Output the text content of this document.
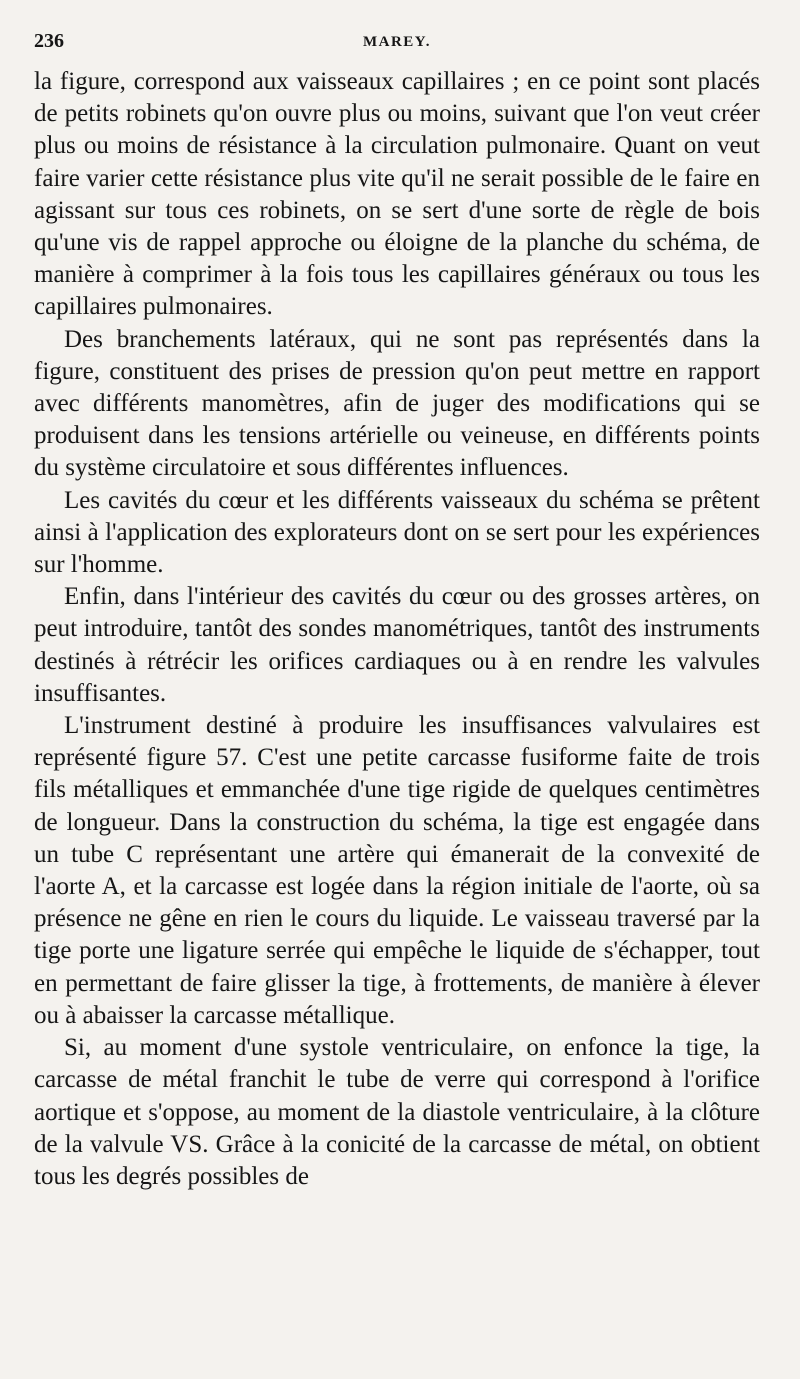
236	MAREY.

la figure, correspond aux vaisseaux capillaires ; en ce point sont placés de petits robinets qu'on ouvre plus ou moins, suivant que l'on veut créer plus ou moins de résistance à la circulation pulmonaire. Quant on veut faire varier cette résistance plus vite qu'il ne serait possible de le faire en agissant sur tous ces robinets, on se sert d'une sorte de règle de bois qu'une vis de rappel approche ou éloigne de la planche du schéma, de manière à comprimer à la fois tous les capillaires généraux ou tous les capillaires pulmonaires.

Des branchements latéraux, qui ne sont pas représentés dans la figure, constituent des prises de pression qu'on peut mettre en rapport avec différents manomètres, afin de juger des modifications qui se produisent dans les tensions artérielle ou veineuse, en différents points du système circulatoire et sous différentes influences.

Les cavités du cœur et les différents vaisseaux du schéma se prêtent ainsi à l'application des explorateurs dont on se sert pour les expériences sur l'homme.

Enfin, dans l'intérieur des cavités du cœur ou des grosses artères, on peut introduire, tantôt des sondes manométriques, tantôt des instruments destinés à rétrécir les orifices cardiaques ou à en rendre les valvules insuffisantes.

L'instrument destiné à produire les insuffisances valvulaires est représenté figure 57. C'est une petite carcasse fusiforme faite de trois fils métalliques et emmanchée d'une tige rigide de quelques centimètres de longueur. Dans la construction du schéma, la tige est engagée dans un tube C représentant une artère qui émanerait de la convexité de l'aorte A, et la carcasse est logée dans la région initiale de l'aorte, où sa présence ne gêne en rien le cours du liquide. Le vaisseau traversé par la tige porte une ligature serrée qui empêche le liquide de s'échapper, tout en permettant de faire glisser la tige, à frottements, de manière à élever ou à abaisser la carcasse métallique.

Si, au moment d'une systole ventriculaire, on enfonce la tige, la carcasse de métal franchit le tube de verre qui correspond à l'orifice aortique et s'oppose, au moment de la diastole ventriculaire, à la clôture de la valvule VS. Grâce à la conicité de la carcasse de métal, on obtient tous les degrés possibles de
